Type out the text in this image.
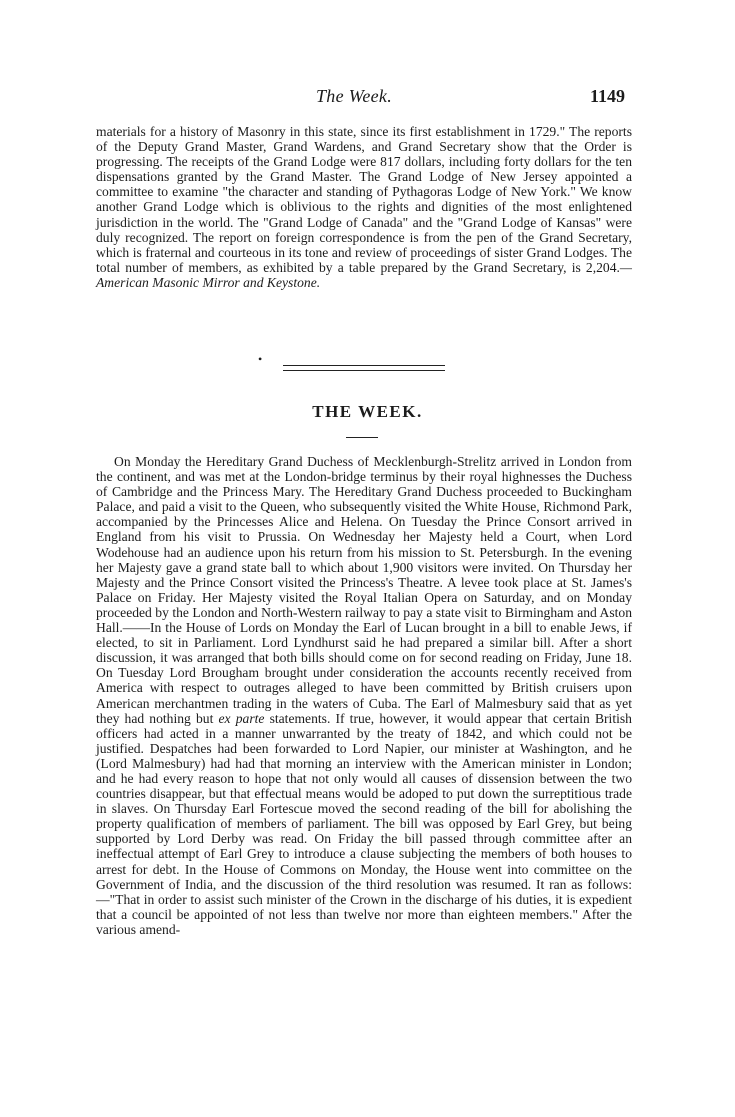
The Week.	1149

materials for a history of Masonry in this state, since its first establishment in 1729." The reports of the Deputy Grand Master, Grand Wardens, and Grand Secretary show that the Order is progressing. The receipts of the Grand Lodge were 817 dollars, including forty dollars for the ten dispensations granted by the Grand Master. The Grand Lodge of New Jersey appointed a committee to examine "the character and standing of Pythagoras Lodge of New York." We know another Grand Lodge which is oblivious to the rights and dignities of the most enlightened jurisdiction in the world. The "Grand Lodge of Canada" and the "Grand Lodge of Kansas" were duly recognized. The report on foreign correspondence is from the pen of the Grand Secretary, which is fraternal and courteous in its tone and review of proceedings of sister Grand Lodges. The total number of members, as exhibited by a table prepared by the Grand Secretary, is 2,204.—American Masonic Mirror and Keystone.

•
THE WEEK.

On Monday the Hereditary Grand Duchess of Mecklenburgh-Strelitz arrived in London from the continent, and was met at the London-bridge terminus by their royal highnesses the Duchess of Cambridge and the Princess Mary. The Hereditary Grand Duchess proceeded to Buckingham Palace, and paid a visit to the Queen, who subsequently visited the White House, Richmond Park, accompanied by the Princesses Alice and Helena. On Tuesday the Prince Consort arrived in England from his visit to Prussia. On Wednesday her Majesty held a Court, when Lord Wodehouse had an audience upon his return from his mission to St. Petersburgh. In the evening her Majesty gave a grand state ball to which about 1,900 visitors were invited. On Thursday her Majesty and the Prince Consort visited the Princess's Theatre. A levee took place at St. James's Palace on Friday. Her Majesty visited the Royal Italian Opera on Saturday, and on Monday proceeded by the London and North-Western railway to pay a state visit to Birmingham and Aston Hall.——In the House of Lords on Monday the Earl of Lucan brought in a bill to enable Jews, if elected, to sit in Parliament. Lord Lyndhurst said he had prepared a similar bill. After a short discussion, it was arranged that both bills should come on for second reading on Friday, June 18. On Tuesday Lord Brougham brought under consideration the accounts recently received from America with respect to outrages alleged to have been committed by British cruisers upon American merchantmen trading in the waters of Cuba. The Earl of Malmesbury said that as yet they had nothing but ex parte statements. If true, however, it would appear that certain British officers had acted in a manner unwarranted by the treaty of 1842, and which could not be justified. Despatches had been forwarded to Lord Napier, our minister at Washington, and he (Lord Malmesbury) had had that morning an interview with the American minister in London; and he had every reason to hope that not only would all causes of dissension between the two countries disappear, but that effectual means would be adoped to put down the surreptitious trade in slaves. On Thursday Earl Fortescue moved the second reading of the bill for abolishing the property qualification of members of parliament. The bill was opposed by Earl Grey, but being supported by Lord Derby was read. On Friday the bill passed through committee after an ineffectual attempt of Earl Grey to introduce a clause subjecting the members of both houses to arrest for debt. In the House of Commons on Monday, the House went into committee on the Government of India, and the discussion of the third resolution was resumed. It ran as follows:—"That in order to assist such minister of the Crown in the discharge of his duties, it is expedient that a council be appointed of not less than twelve nor more than eighteen members." After the various amend-
